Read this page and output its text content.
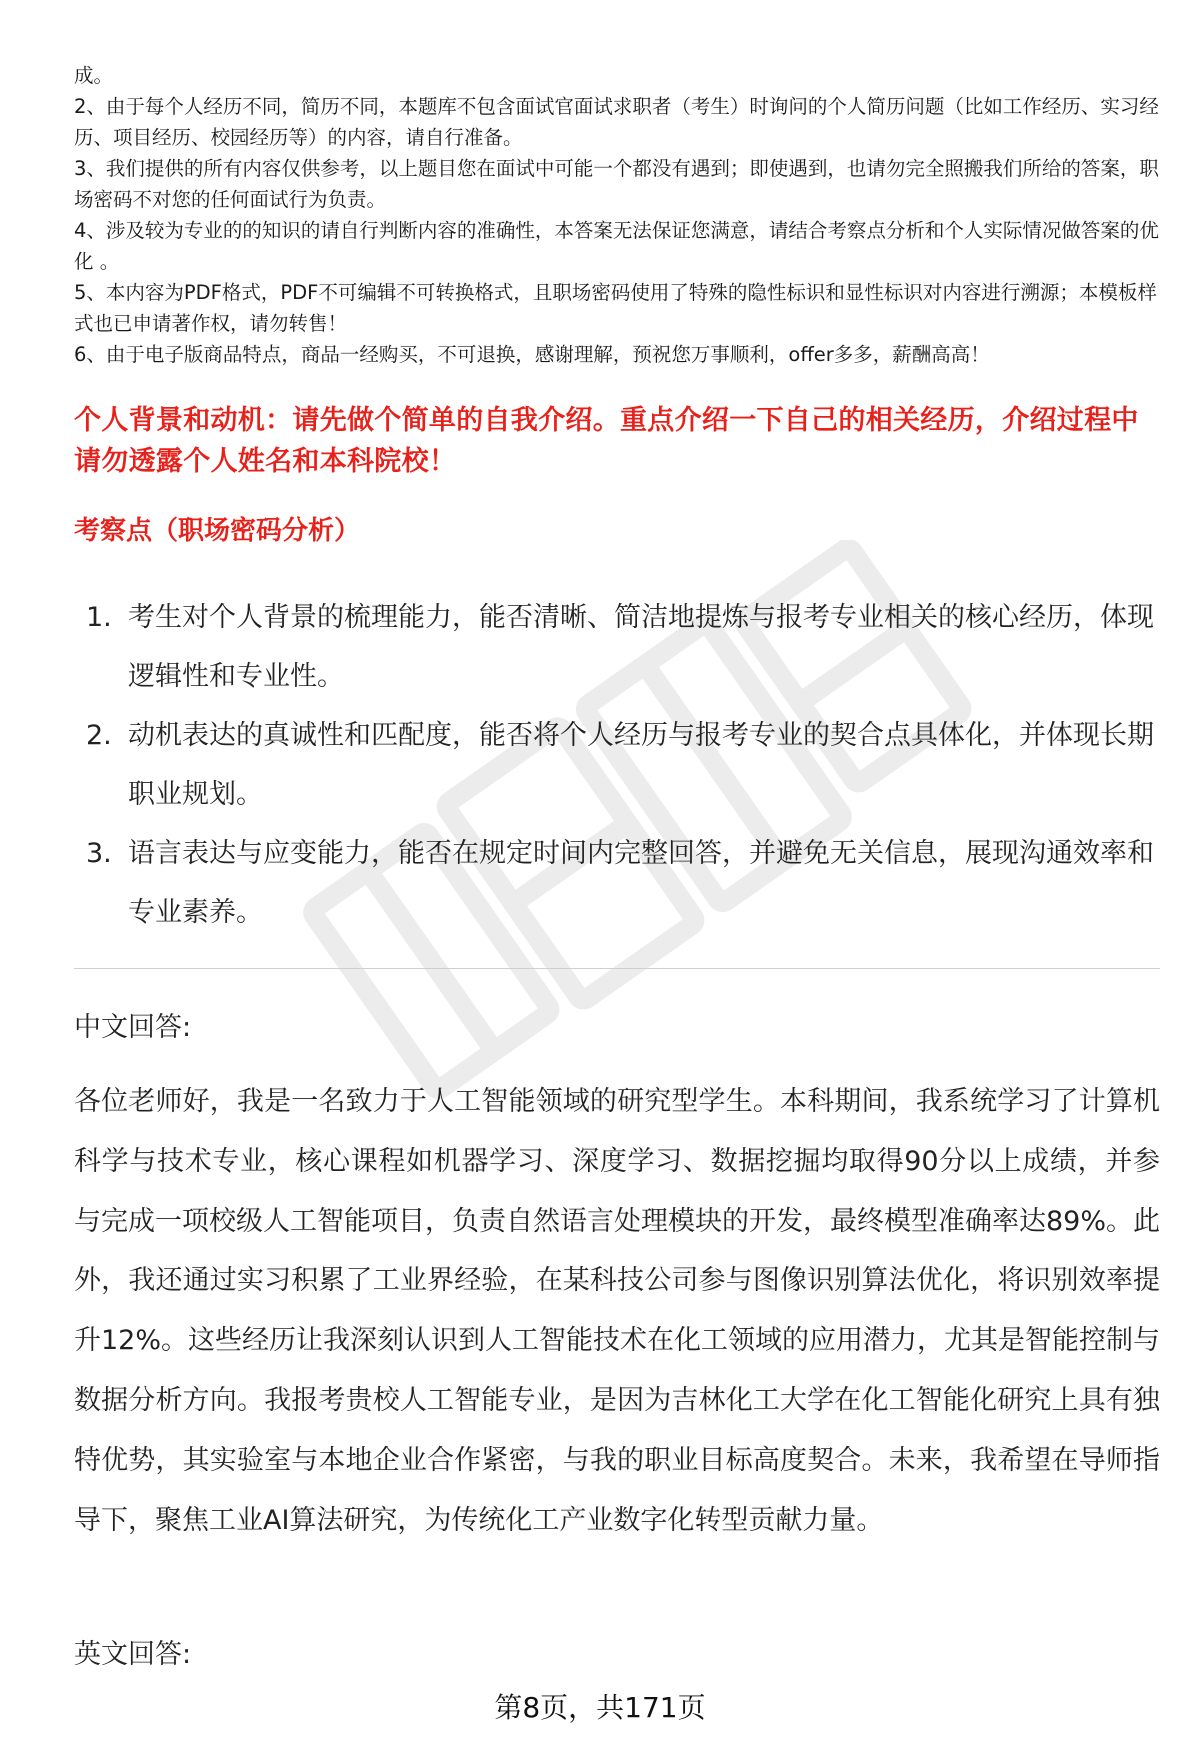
成。

2、由于每个人经历不同，简历不同，本题库不包含面试官面试求职者（考生）时询问的个人简历问题（比如工作经历、实习经历、项目经历、校园经历等）的内容，请自行准备。

3、我们提供的所有内容仅供参考，以上题目您在面试中可能一个都没有遇到；即使遇到，也请勿完全照搬我们所给的答案，职场密码不对您的任何面试行为负责。

4、涉及较为专业的的知识的请自行判断内容的准确性，本答案无法保证您满意，请结合考察点分析和个人实际情况做答案的优化 。

5、本内容为PDF格式，PDF不可编辑不可转换格式，且职场密码使用了特殊的隐性标识和显性标识对内容进行溯源；本模板样式也已申请著作权，请勿转售！

6、由于电子版商品特点，商品一经购买，不可退换，感谢理解，预祝您万事顺利，offer多多，薪酬高高！

个人背景和动机：请先做个简单的自我介绍。重点介绍一下自己的相关经历，介绍过程中请勿透露个人姓名和本科院校！
考察点（职场密码分析）
1. 考生对个人背景的梳理能力，能否清晰、简洁地提炼与报考专业相关的核心经历，体现逻辑性和专业性。
2. 动机表达的真诚性和匹配度，能否将个人经历与报考专业的契合点具体化，并体现长期职业规划。
3. 语言表达与应变能力，能否在规定时间内完整回答，并避免无关信息，展现沟通效率和专业素养。
中文回答:

各位老师好，我是一名致力于人工智能领域的研究型学生。本科期间，我系统学习了计算机科学与技术专业，核心课程如机器学习、深度学习、数据挖掘均取得90分以上成绩，并参与完成一项校级人工智能项目，负责自然语言处理模块的开发，最终模型准确率达89%。此外，我还通过实习积累了工业界经验，在某科技公司参与图像识别算法优化，将识别效率提升12%。这些经历让我深刻认识到人工智能技术在化工领域的应用潜力，尤其是智能控制与数据分析方向。我报考贵校人工智能专业，是因为吉林化工大学在化工智能化研究上具有独特优势，其实验室与本地企业合作紧密，与我的职业目标高度契合。未来，我希望在导师指导下，聚焦工业AI算法研究，为传统化工产业数字化转型贡献力量。

英文回答:
第8页，共171页
